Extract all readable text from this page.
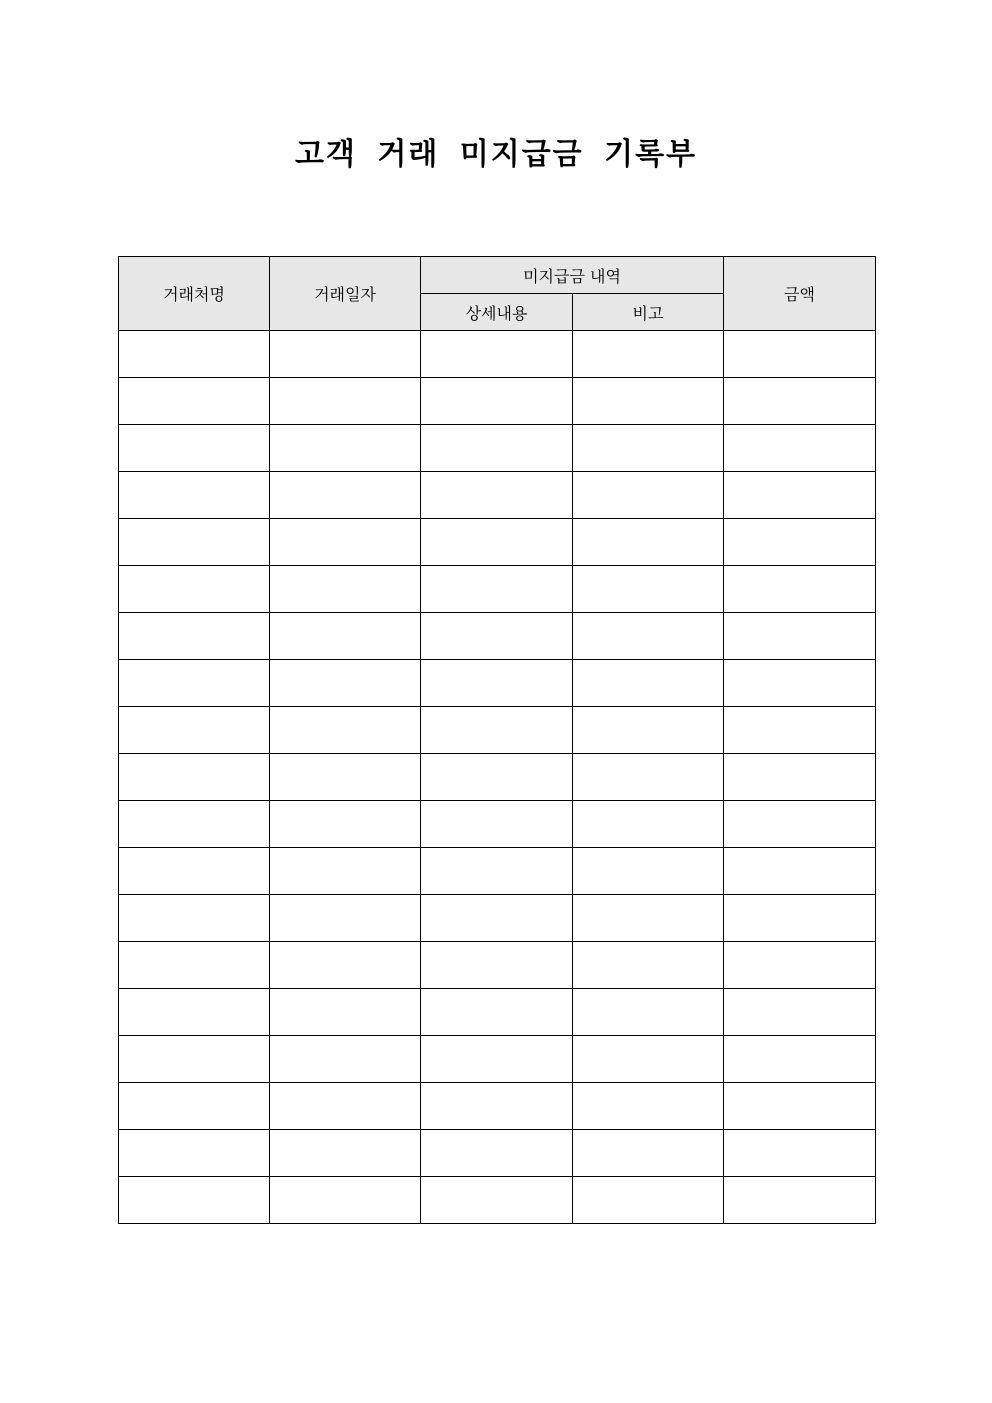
고객 거래 미지급금 기록부
거래처명	거래일자	미지급금 내역		금액
		상세내용	비고	
